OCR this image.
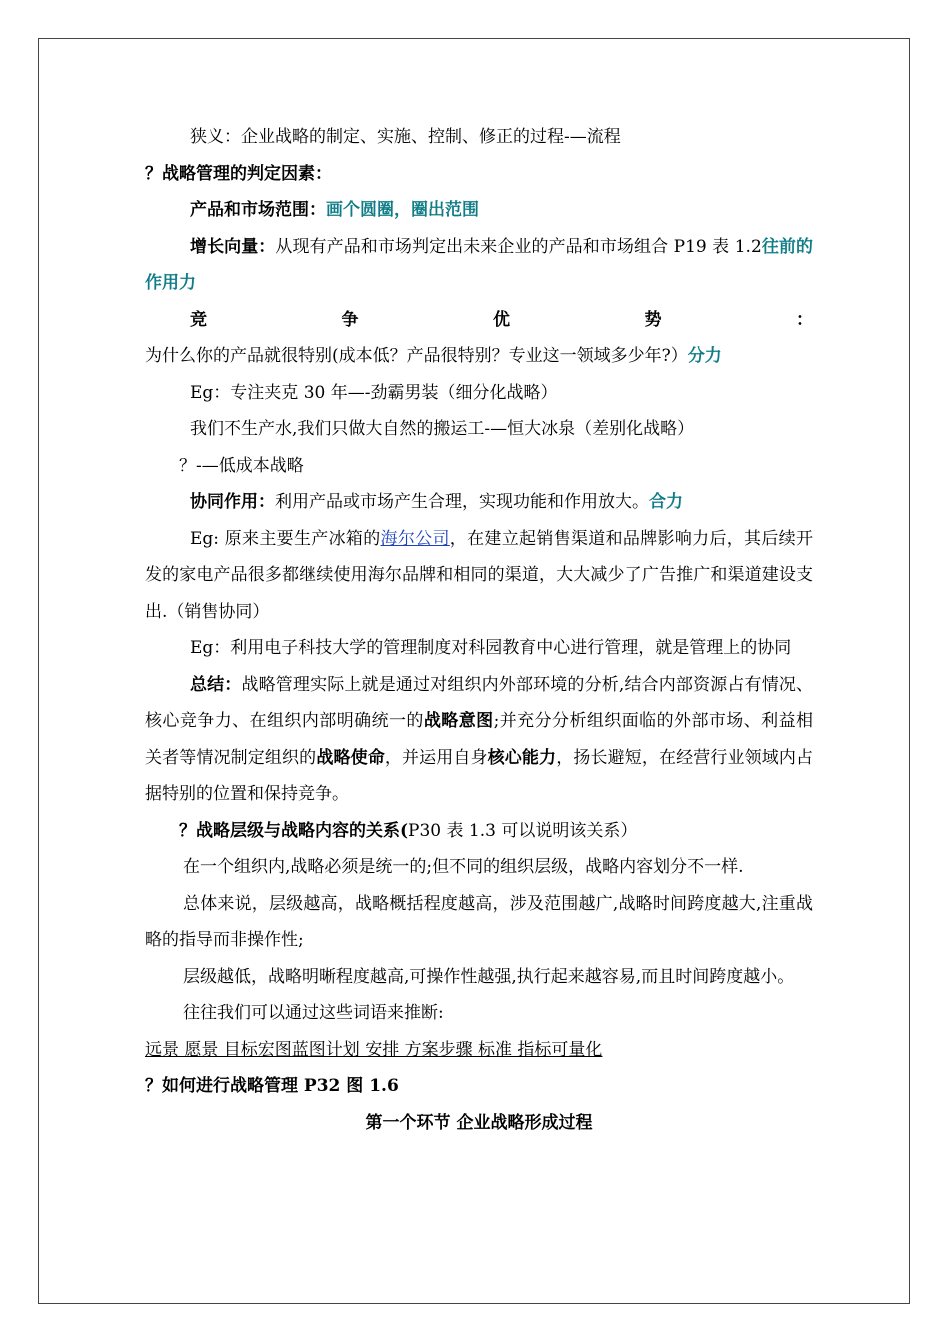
狭义：企业战略的制定、实施、控制、修正的过程-—流程

？战略管理的判定因素：

产品和市场范围：画个圆圈，圈出范围

增长向量：从现有产品和市场判定出未来企业的产品和市场组合 P19 表 1.2往前的作用力

竞争优势：为什么你的产品就很特别(成本低？产品很特别？专业这一领域多少年?）分力

Eg：专注夹克 30 年—-劲霸男装（细分化战略）

我们不生产水,我们只做大自然的搬运工-—恒大冰泉（差别化战略）

？-—低成本战略

协同作用：利用产品或市场产生合理，实现功能和作用放大。合力

Eg: 原来主要生产冰箱的海尔公司，在建立起销售渠道和品牌影响力后，其后续开发的家电产品很多都继续使用海尔品牌和相同的渠道，大大减少了广告推广和渠道建设支出.（销售协同）

Eg：利用电子科技大学的管理制度对科园教育中心进行管理，就是管理上的协同

总结：战略管理实际上就是通过对组织内外部环境的分析,结合内部资源占有情况、核心竞争力、在组织内部明确统一的战略意图;并充分分析组织面临的外部市场、利益相关者等情况制定组织的战略使命，并运用自身核心能力，扬长避短，在经营行业领域内占据特别的位置和保持竞争。

？战略层级与战略内容的关系(P30 表 1.3 可以说明该关系）

在一个组织内,战略必须是统一的;但不同的组织层级，战略内容划分不一样.

总体来说，层级越高，战略概括程度越高，涉及范围越广,战略时间跨度越大,注重战略的指导而非操作性;

层级越低，战略明晰程度越高,可操作性越强,执行起来越容易,而且时间跨度越小。

往往我们可以通过这些词语来推断:

远景 愿景 目标宏图蓝图计划 安排 方案步骤 标准 指标可量化

？如何进行战略管理 P32 图 1.6

第一个环节 企业战略形成过程
